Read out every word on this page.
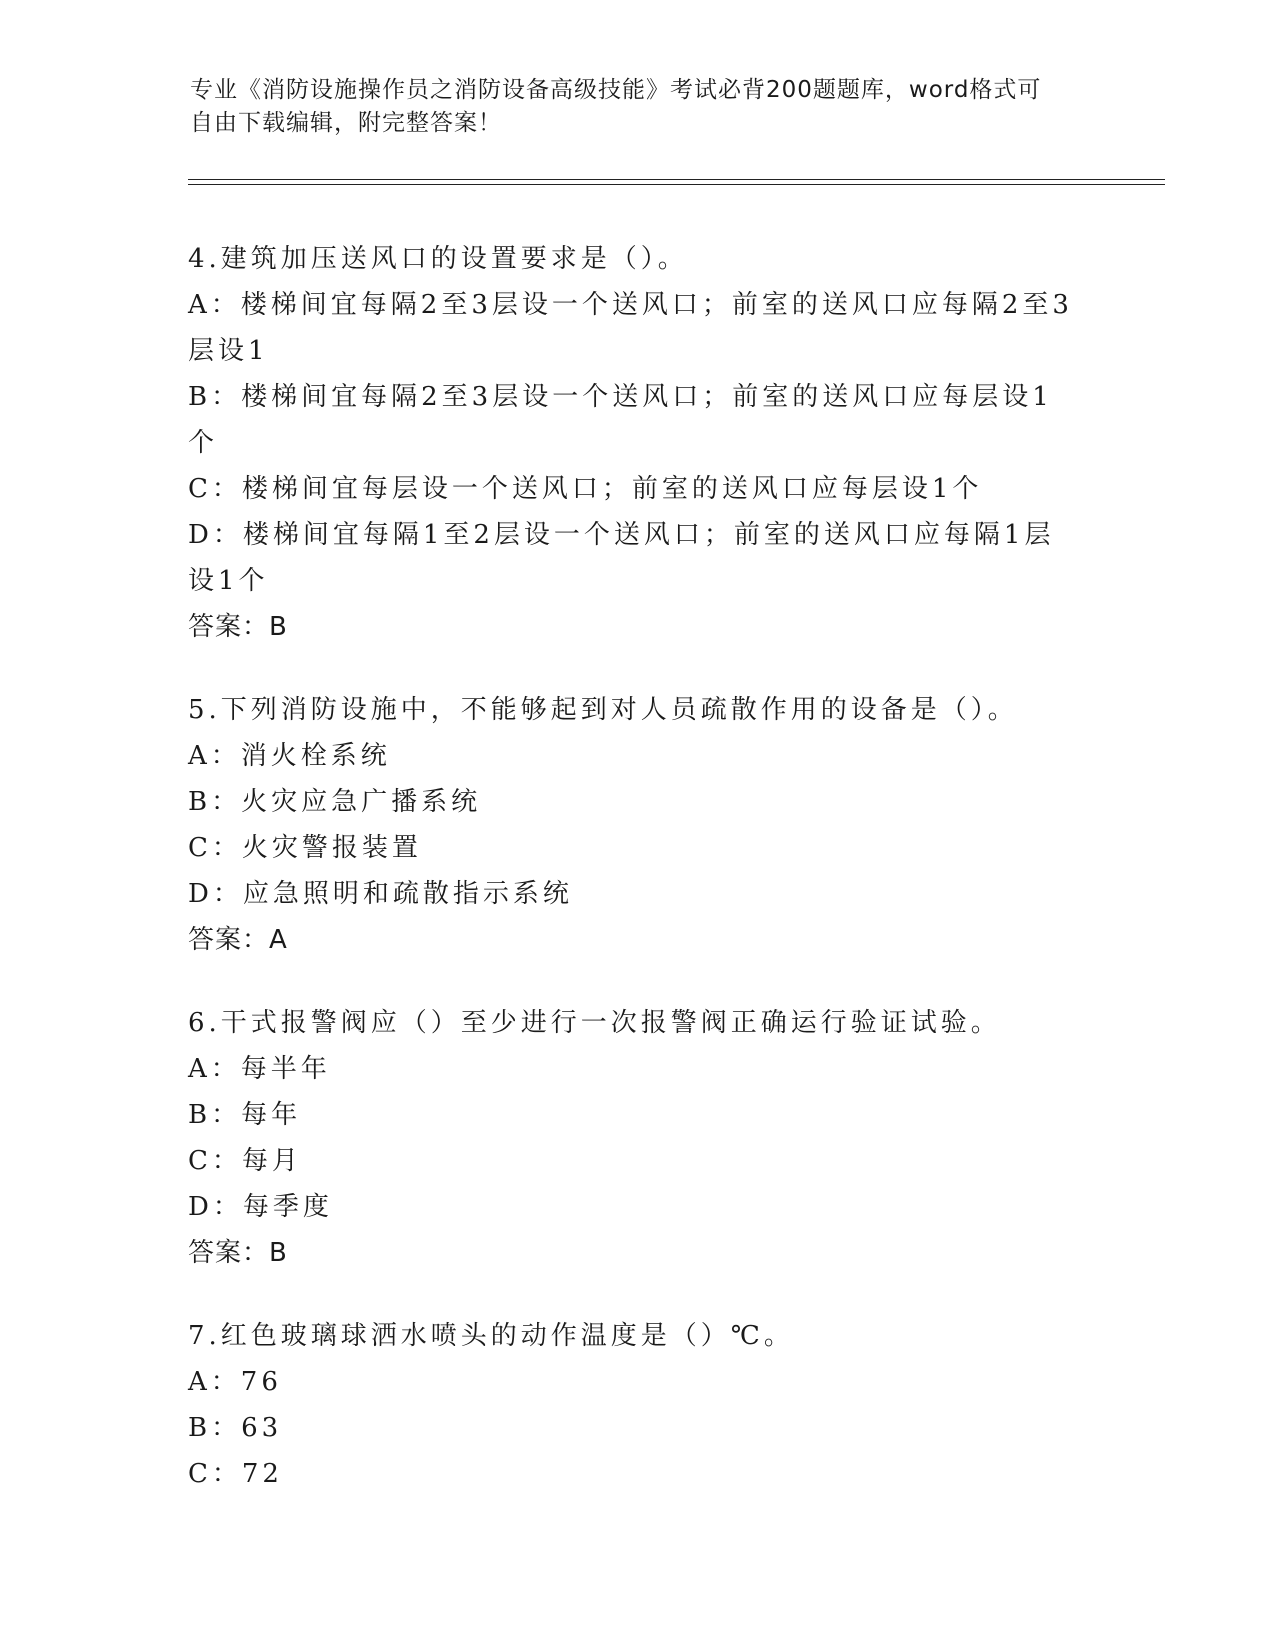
专业《消防设施操作员之消防设备高级技能》考试必背200题题库，word格式可
自由下载编辑，附完整答案！
4.建筑加压送风口的设置要求是（）。
A：楼梯间宜每隔2至3层设一个送风口；前室的送风口应每隔2至3层设1
B：楼梯间宜每隔2至3层设一个送风口；前室的送风口应每层设1个
C：楼梯间宜每层设一个送风口；前室的送风口应每层设1个
D：楼梯间宜每隔1至2层设一个送风口；前室的送风口应每隔1层设1个
答案：B
5.下列消防设施中，不能够起到对人员疏散作用的设备是（）。
A：消火栓系统
B：火灾应急广播系统
C：火灾警报装置
D：应急照明和疏散指示系统
答案：A
6.干式报警阀应（）至少进行一次报警阀正确运行验证试验。
A：每半年
B：每年
C：每月
D：每季度
答案：B
7.红色玻璃球洒水喷头的动作温度是（）℃。
A：76
B：63
C：72
